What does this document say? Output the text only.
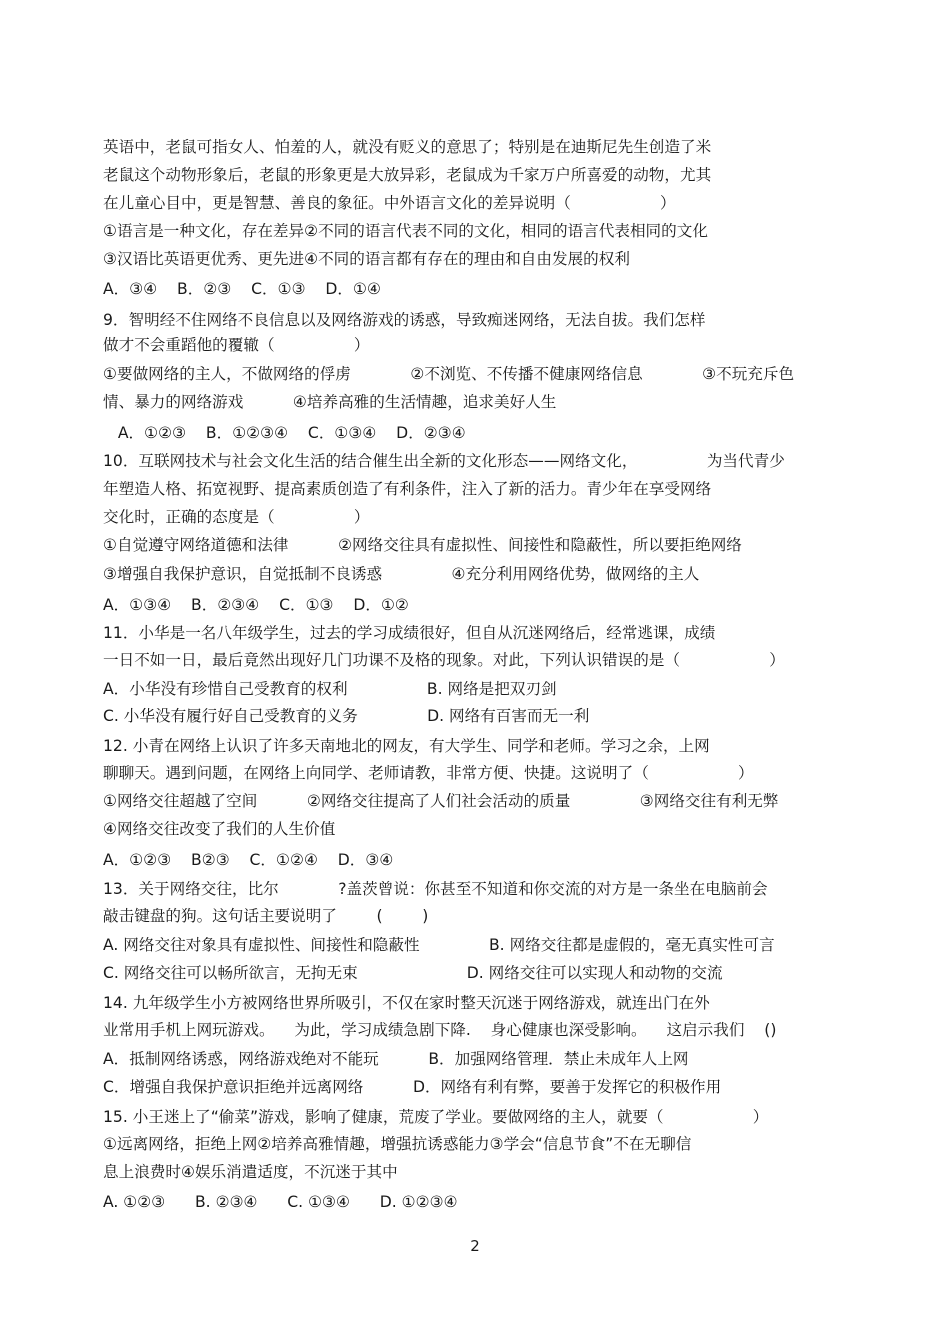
英语中，老鼠可指女人、怕羞的人，就没有贬义的意思了；特别是在迪斯尼先生创造了米
老鼠这个动物形象后，老鼠的形象更是大放异彩，老鼠成为千家万户所喜爱的动物，尤其
在儿童心目中，更是智慧、善良的象征。中外语言文化的差异说明（                  ）
①语言是一种文化，存在差异②不同的语言代表不同的文化，相同的语言代表相同的文化
③汉语比英语更优秀、更先进④不同的语言都有存在的理由和自由发展的权利
A．③④    B．②③    C．①③    D．①④
9．智明经不住网络不良信息以及网络游戏的诱惑，导致痴迷网络，无法自拔。我们怎样
做才不会重蹈他的覆辙（                ）
①要做网络的主人，不做网络的俘虏            ②不浏览、不传播不健康网络信息            ③不玩充斥色
情、暴力的网络游戏          ④培养高雅的生活情趣，追求美好人生
A．①②③    B．①②③④    C．①③④    D．②③④
10．互联网技术与社会文化生活的结合催生出全新的文化形态——网络文化，              为当代青少
年塑造人格、拓宽视野、提高素质创造了有利条件，注入了新的活力。青少年在享受网络
交化时，正确的态度是（                ）
①自觉遵守网络道德和法律          ②网络交往具有虚拟性、间接性和隐蔽性，所以要拒绝网络
③增强自我保护意识，自觉抵制不良诱惑              ④充分利用网络优势，做网络的主人
A．①③④    B．②③④    C．①③    D．①②
11．小华是一名八年级学生，过去的学习成绩很好，但自从沉迷网络后，经常逃课，成绩
一日不如一日，最后竟然出现好几门功课不及格的现象。对此，下列认识错误的是（                  ）
A．小华没有珍惜自己受教育的权利                B. 网络是把双刃剑
C. 小华没有履行好自己受教育的义务              D. 网络有百害而无一利
12. 小青在网络上认识了许多天南地北的网友，有大学生、同学和老师。学习之余，上网
聊聊天。遇到问题，在网络上向同学、老师请教，非常方便、快捷。这说明了（                  ）
①网络交往超越了空间          ②网络交往提高了人们社会活动的质量              ③网络交往有利无弊
④网络交往改变了我们的人生价值
A．①②③    B②③    C．①②④    D．③④
13．关于网络交往，比尔            ?盖茨曾说：你甚至不知道和你交流的对方是一条坐在电脑前会
敲击键盘的狗。这句话主要说明了        (        )
A. 网络交往对象具有虚拟性、间接性和隐蔽性              B. 网络交往都是虚假的，毫无真实性可言
C. 网络交往可以畅所欲言，无拘无束                      D. 网络交往可以实现人和动物的交流
14. 九年级学生小方被网络世界所吸引，不仅在家时整天沉迷于网络游戏，就连出门在外
业常用手机上网玩游戏。    为此，学习成绩急剧下降.    身心健康也深受影响。    这启示我们    ()
A．抵制网络诱惑，网络游戏绝对不能玩          B．加强网络管理．禁止未成年人上网
C．增强自我保护意识拒绝并远离网络          D．网络有利有弊，要善于发挥它的积极作用
15. 小王迷上了“偷菜”游戏，影响了健康，荒废了学业。要做网络的主人，就要（                  ）
①远离网络，拒绝上网②培养高雅情趣，增强抗诱惑能力③学会“信息节食”不在无聊信
息上浪费时④娱乐消遣适度，不沉迷于其中
A. ①②③      B. ②③④      C. ①③④      D. ①②③④
2
